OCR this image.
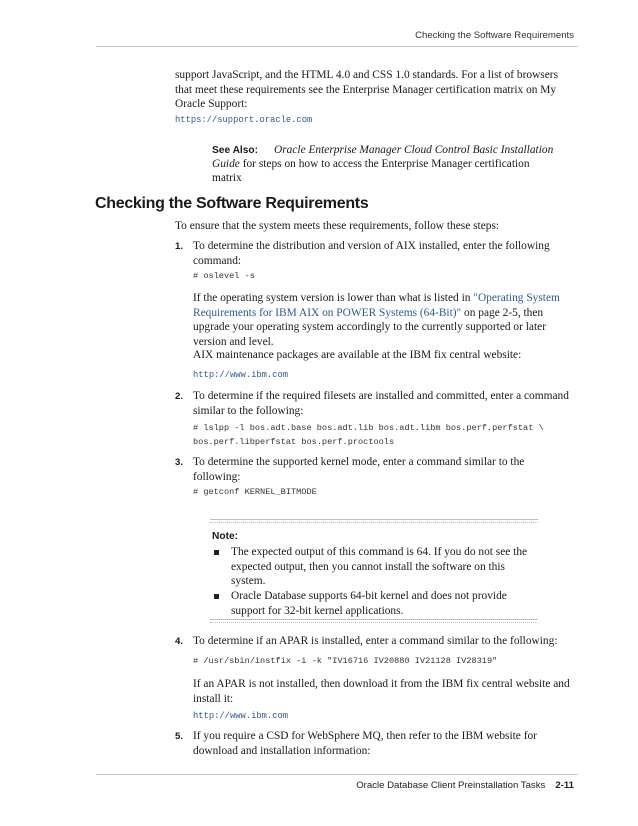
Checking the Software Requirements
support JavaScript, and the HTML 4.0 and CSS 1.0 standards. For a list of browsers
that meet these requirements see the Enterprise Manager certification matrix on My
Oracle Support:
https://support.oracle.com
See Also: Oracle Enterprise Manager Cloud Control Basic Installation
Guide for steps on how to access the Enterprise Manager certification
matrix
Checking the Software Requirements
To ensure that the system meets these requirements, follow these steps:
1. To determine the distribution and version of AIX installed, enter the following
command:
# oslevel -s
If the operating system version is lower than what is listed in "Operating System
Requirements for IBM AIX on POWER Systems (64-Bit)" on page 2-5, then
upgrade your operating system accordingly to the currently supported or later
version and level.
AIX maintenance packages are available at the IBM fix central website:
http://www.ibm.com
2. To determine if the required filesets are installed and committed, enter a command
similar to the following:
# lslpp -l bos.adt.base bos.adt.lib bos.adt.libm bos.perf.perfstat \
bos.perf.libperfstat bos.perf.proctools
3. To determine the supported kernel mode, enter a command similar to the
following:
# getconf KERNEL_BITMODE
Note:
The expected output of this command is 64. If you do not see the
expected output, then you cannot install the software on this
system.
Oracle Database supports 64-bit kernel and does not provide
support for 32-bit kernel applications.
4. To determine if an APAR is installed, enter a command similar to the following:
# /usr/sbin/instfix -i -k "IV16716 IV20880 IV21128 IV28319"
If an APAR is not installed, then download it from the IBM fix central website and
install it:
http://www.ibm.com
5. If you require a CSD for WebSphere MQ, then refer to the IBM website for
download and installation information:
Oracle Database Client Preinstallation Tasks 2-11
